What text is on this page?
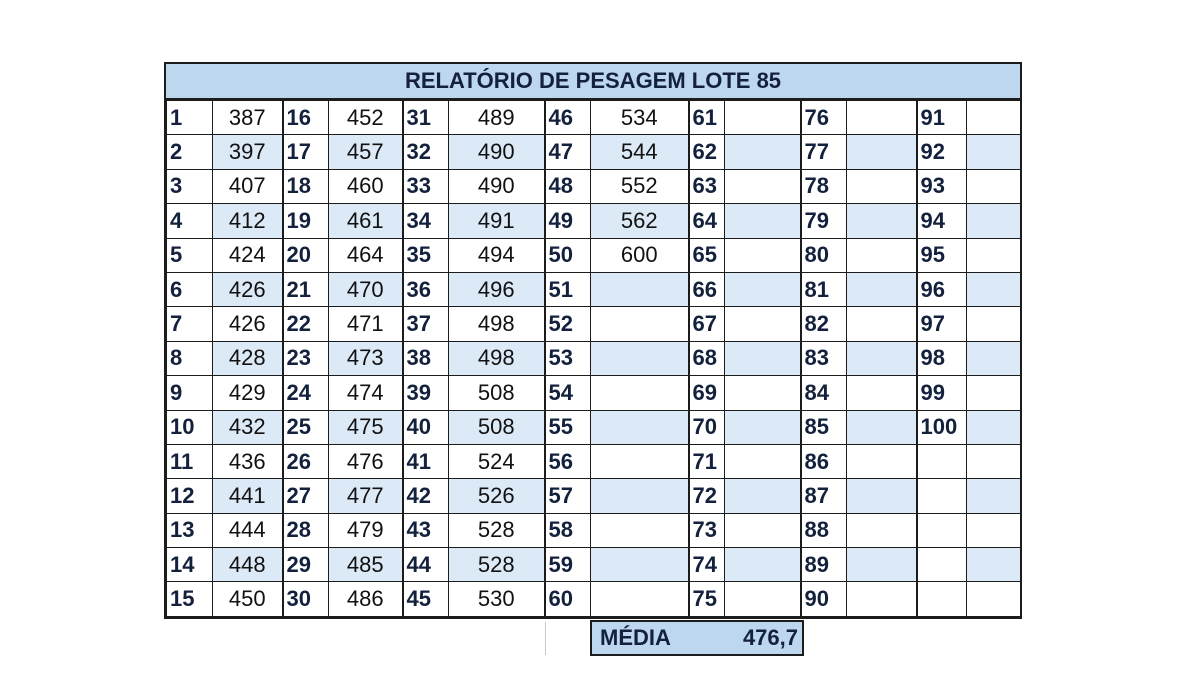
RELATÓRIO DE PESAGEM LOTE 85
1	387	16	452	31	489	46	534	61		76		91	
2	397	17	457	32	490	47	544	62		77		92	
3	407	18	460	33	490	48	552	63		78		93	
4	412	19	461	34	491	49	562	64		79		94	
5	424	20	464	35	494	50	600	65		80		95	
6	426	21	470	36	496	51		66		81		96	
7	426	22	471	37	498	52		67		82		97	
8	428	23	473	38	498	53		68		83		98	
9	429	24	474	39	508	54		69		84		99	
10	432	25	475	40	508	55		70		85		100	
11	436	26	476	41	524	56		71		86			
12	441	27	477	42	526	57		72		87			
13	444	28	479	43	528	58		73		88			
14	448	29	485	44	528	59		74		89			
15	450	30	486	45	530	60		75		90			
MÉDIA	476,7
